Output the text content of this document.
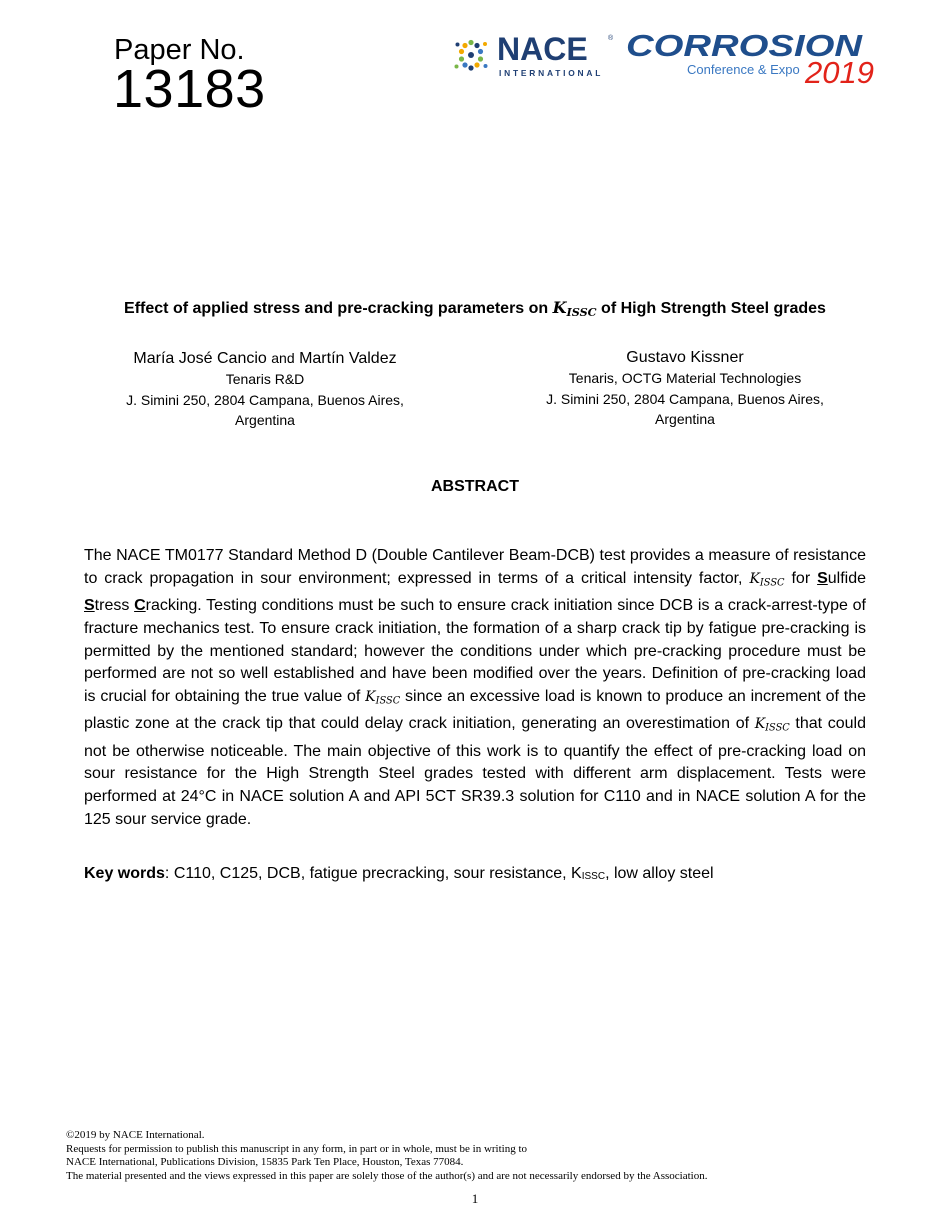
Paper No.
13183
NACE	®
INTERNATIONAL
CORROSION
Conference & Expo 2019
Effect of applied stress and pre-cracking parameters on $K_{ISSC}$ of High Strength Steel grades
María José Cancio and Martín Valdez
Tenaris R&D
J. Simini 250, 2804 Campana, Buenos Aires,
Argentina
Gustavo Kissner
Tenaris, OCTG Material Technologies
J. Simini 250, 2804 Campana, Buenos Aires,
Argentina
ABSTRACT
The NACE TM0177 Standard Method D (Double Cantilever Beam-DCB) test provides a measure of resistance to crack propagation in sour environment; expressed in terms of a critical intensity factor, $K_{ISSC}$ for Sulfide Stress Cracking. Testing conditions must be such to ensure crack initiation since DCB is a crack-arrest-type of fracture mechanics test. To ensure crack initiation, the formation of a sharp crack tip by fatigue pre-cracking is permitted by the mentioned standard; however the conditions under which pre-cracking procedure must be performed are not so well established and have been modified over the years. Definition of pre-cracking load is crucial for obtaining the true value of $K_{ISSC}$ since an excessive load is known to produce an increment of the plastic zone at the crack tip that could delay crack initiation, generating an overestimation of $K_{ISSC}$ that could not be otherwise noticeable. The main objective of this work is to quantify the effect of pre-cracking load on sour resistance for the High Strength Steel grades tested with different arm displacement. Tests were performed at 24°C in NACE solution A and API 5CT SR39.3 solution for C110 and in NACE solution A for the 125 sour service grade.
Key words: C110, C125, DCB, fatigue precracking, sour resistance, $K_{ISSC}$, low alloy steel
©2019 by NACE International.
Requests for permission to publish this manuscript in any form, in part or in whole, must be in writing to
NACE International, Publications Division, 15835 Park Ten Place, Houston, Texas 77084.
The material presented and the views expressed in this paper are solely those of the author(s) and are not necessarily endorsed by the Association.
1
